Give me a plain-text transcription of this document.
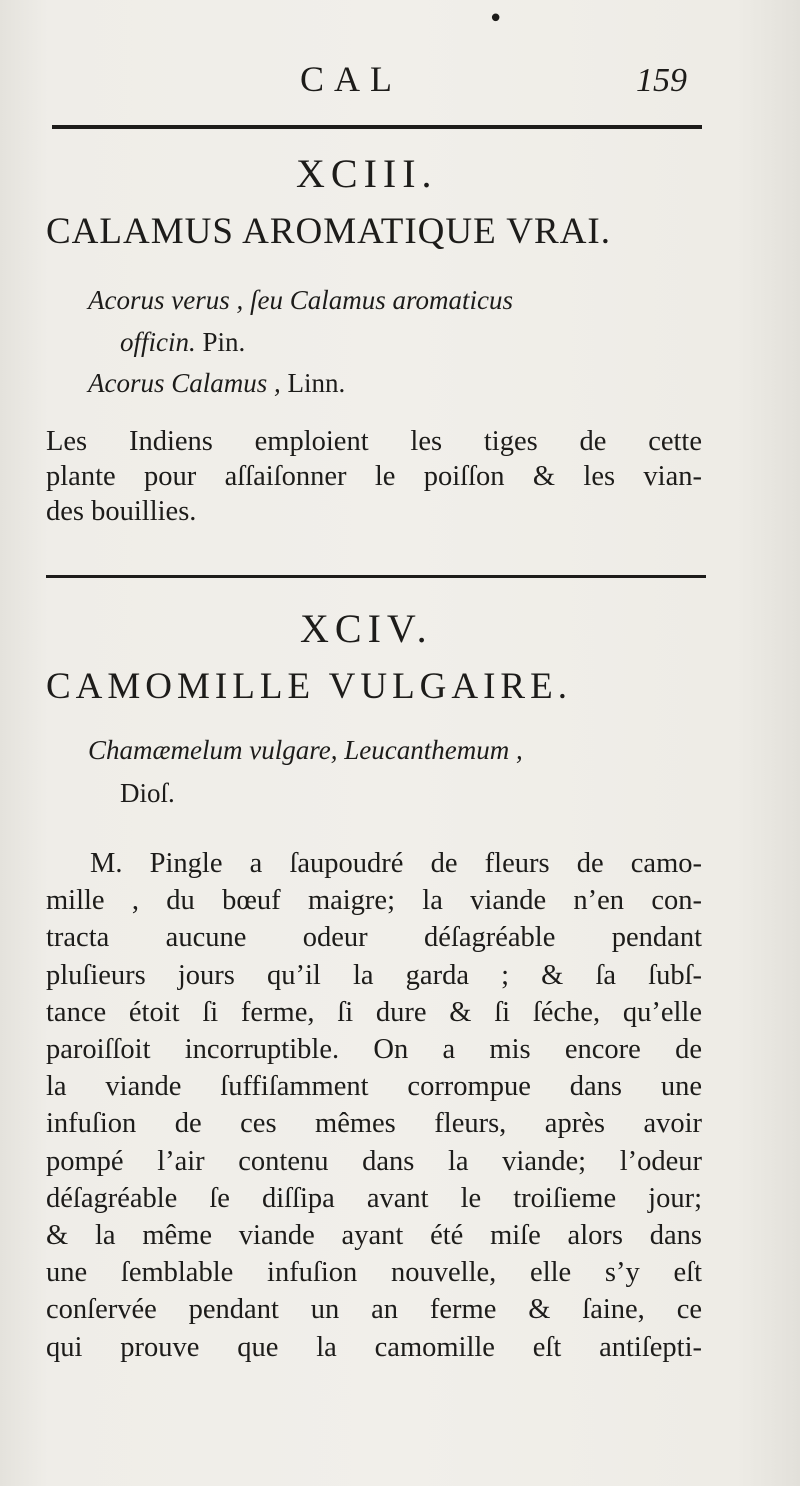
•
CAL	159
XCIII.
CALAMUS AROMATIQUE VRAI.
Acorus verus , ſeu Calamus aromaticus
officin. Pin.
Acorus Calamus , Linn.
Les Indiens emploient les tiges de cette
plante pour aſſaiſonner le poiſſon & les vian-
des bouillies.
XCIV.
CAMOMILLE VULGAIRE.
Chamæmelum vulgare, Leucanthemum ,
Dioſ.
M. Pingle a ſaupoudré de fleurs de camo-
mille , du bœuf maigre; la viande n’en con-
tracta aucune odeur déſagréable pendant
pluſieurs jours qu’il la garda ; & ſa ſubſ-
tance étoit ſi ferme, ſi dure & ſi ſéche, qu’elle
paroiſſoit incorruptible. On a mis encore de
la viande ſuffiſamment corrompue dans une
infuſion de ces mêmes fleurs, après avoir
pompé l’air contenu dans la viande; l’odeur
déſagréable ſe diſſipa avant le troiſieme jour;
& la même viande ayant été miſe alors dans
une ſemblable infuſion nouvelle, elle s’y eſt
conſervée pendant un an ferme & ſaine, ce
qui prouve que la camomille eſt antiſepti-
